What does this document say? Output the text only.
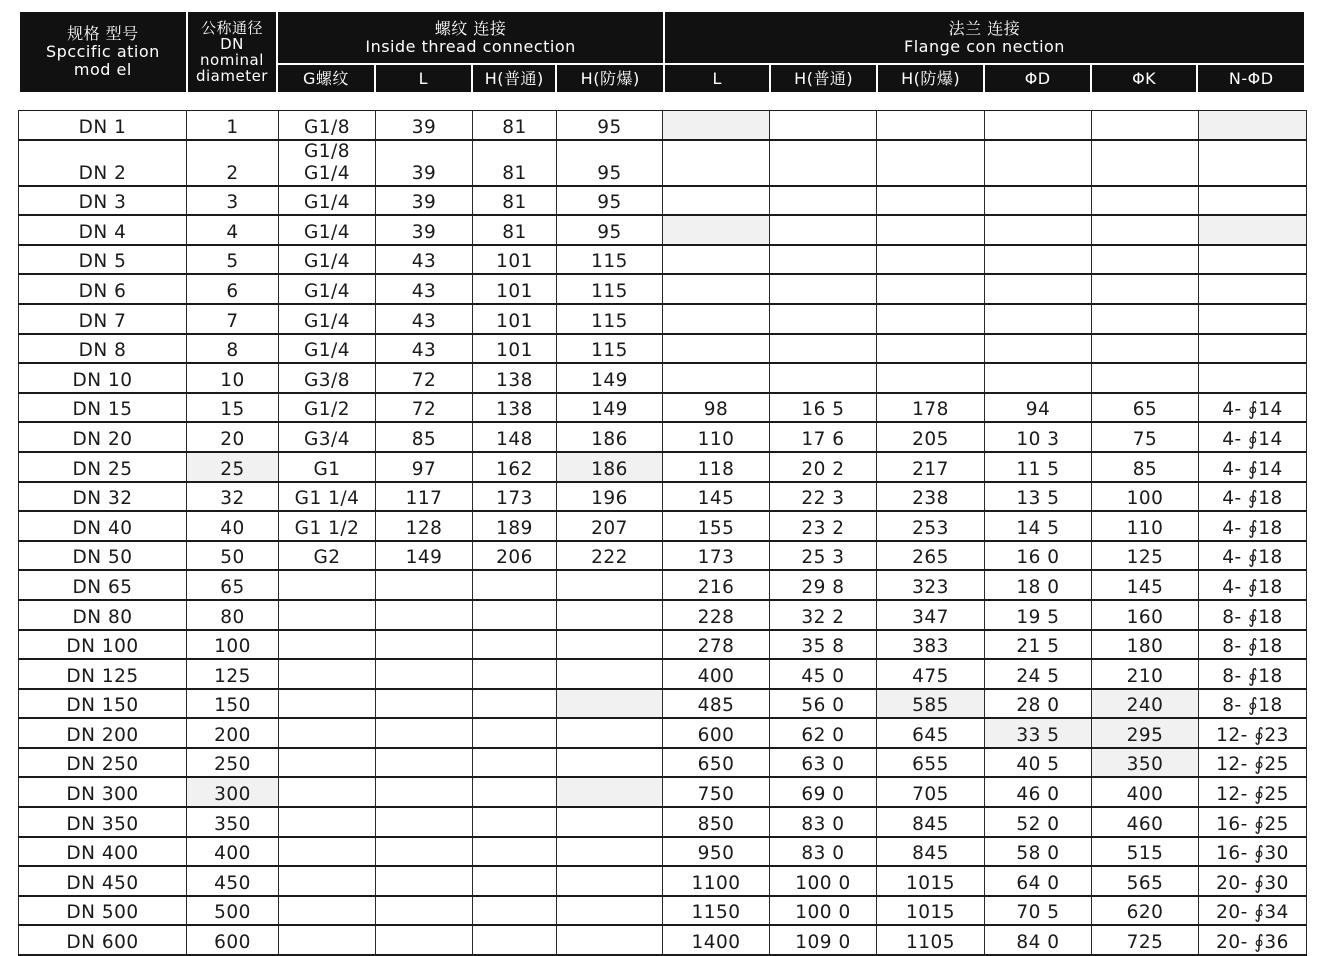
规格 型号
Spccific ation
mod el	公称通径
DN
nominal
diameter	螺纹 连接
Inside thread connection				法兰 连接
Flange con nection					

		G螺纹	L	H(普通)	H(防爆)	L	H(普通)	H(防爆)	ΦD	ΦK	N-ΦD
DN 1	1	G1/8	39	81	95						
DN 2	2	G1/8 G1/4	39	81	95						
DN 3	3	G1/4	39	81	95						
DN 4	4	G1/4	39	81	95						
DN 5	5	G1/4	43	101	115						
DN 6	6	G1/4	43	101	115						
DN 7	7	G1/4	43	101	115						
DN 8	8	G1/4	43	101	115						
DN 10	10	G3/8	72	138	149						
DN 15	15	G1/2	72	138	149	98	16 5	178	94	65	4- ∮14
DN 20	20	G3/4	85	148	186	110	17 6	205	10 3	75	4- ∮14
DN 25	25	G1	97	162	186	118	20 2	217	11 5	85	4- ∮14
DN 32	32	G1 1/4	117	173	196	145	22 3	238	13 5	100	4- ∮18
DN 40	40	G1 1/2	128	189	207	155	23 2	253	14 5	110	4- ∮18
DN 50	50	G2	149	206	222	173	25 3	265	16 0	125	4- ∮18
DN 65	65					216	29 8	323	18 0	145	4- ∮18
DN 80	80					228	32 2	347	19 5	160	8- ∮18
DN 100	100					278	35 8	383	21 5	180	8- ∮18
DN 125	125					400	45 0	475	24 5	210	8- ∮18
DN 150	150					485	56 0	585	28 0	240	8- ∮18
DN 200	200					600	62 0	645	33 5	295	12- ∮23
DN 250	250					650	63 0	655	40 5	350	12- ∮25
DN 300	300					750	69 0	705	46 0	400	12- ∮25
DN 350	350					850	83 0	845	52 0	460	16- ∮25
DN 400	400					950	83 0	845	58 0	515	16- ∮30
DN 450	450					1100	100 0	1015	64 0	565	20- ∮30
DN 500	500					1150	100 0	1015	70 5	620	20- ∮34
DN 600	600					1400	109 0	1105	84 0	725	20- ∮36
